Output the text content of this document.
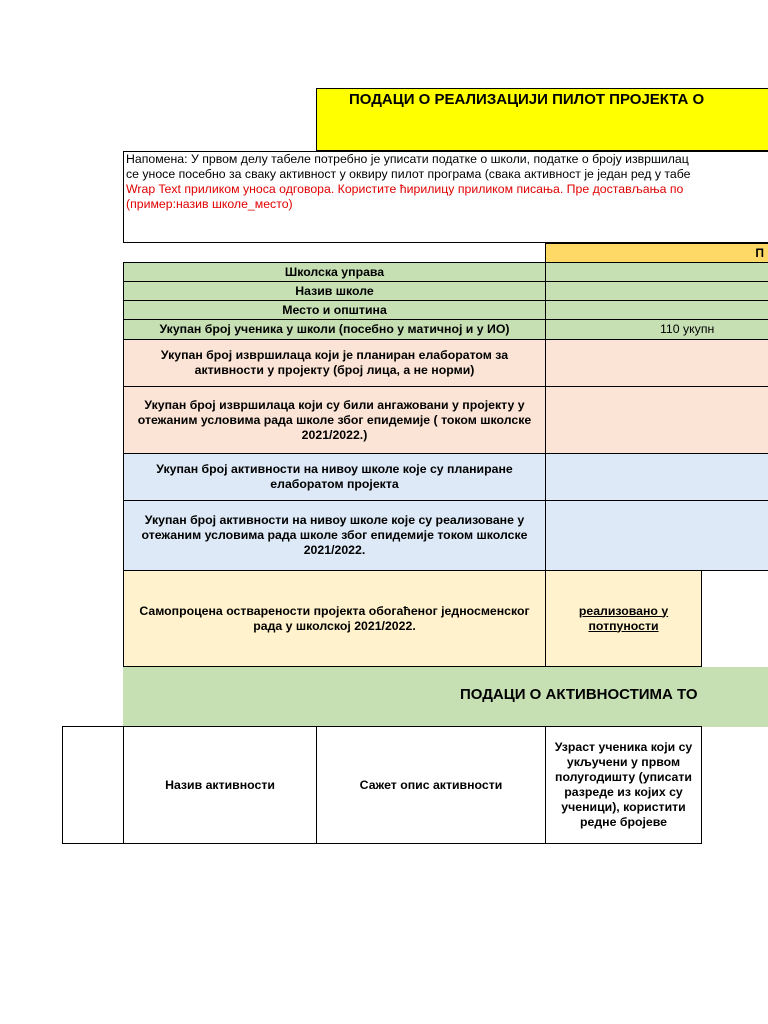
ПОДАЦИ О РЕАЛИЗАЦИЈИ ПИЛОТ ПРОЈЕКТА О
Напомена: У првом делу табеле потребно је уписати податке о школи, податке о броју извршилац
се уносе посебно за сваку активност у оквиру пилот програма (свака активност је један ред у табе
Wrap Text приликом уноса одговора. Користите ћирилицу приликом писања. Пре достављања по
(пример:назив школе_место)
П
Школска управа
Назив школе
Место и општина
Укупан број ученика у школи (посебно у матичној и у ИО)	110 укупн
Укупан број извршилаца који је планиран елаборатом за активности у пројекту (број лица, а не норми)
Укупан број извршилаца који су били ангажовани у пројекту у отежаним условима рада школе због епидемије ( током школске 2021/2022.)
Укупан број активности на нивоу школе које су планиране елаборатом пројекта
Укупан број активности на нивоу школе које су реализоване у отежаним условима рада школе због епидемије током школске 2021/2022.
Самопроцена остварености пројекта обогаћеног једносменског рада у школској 2021/2022.
реализовано у потпуности
ПОДАЦИ О АКТИВНОСТИМА ТО
Назив активности	Сажет опис активности
Узраст ученика који су укључени у првом полугодишту (уписати разреде из којих су ученици), користити редне бројеве
